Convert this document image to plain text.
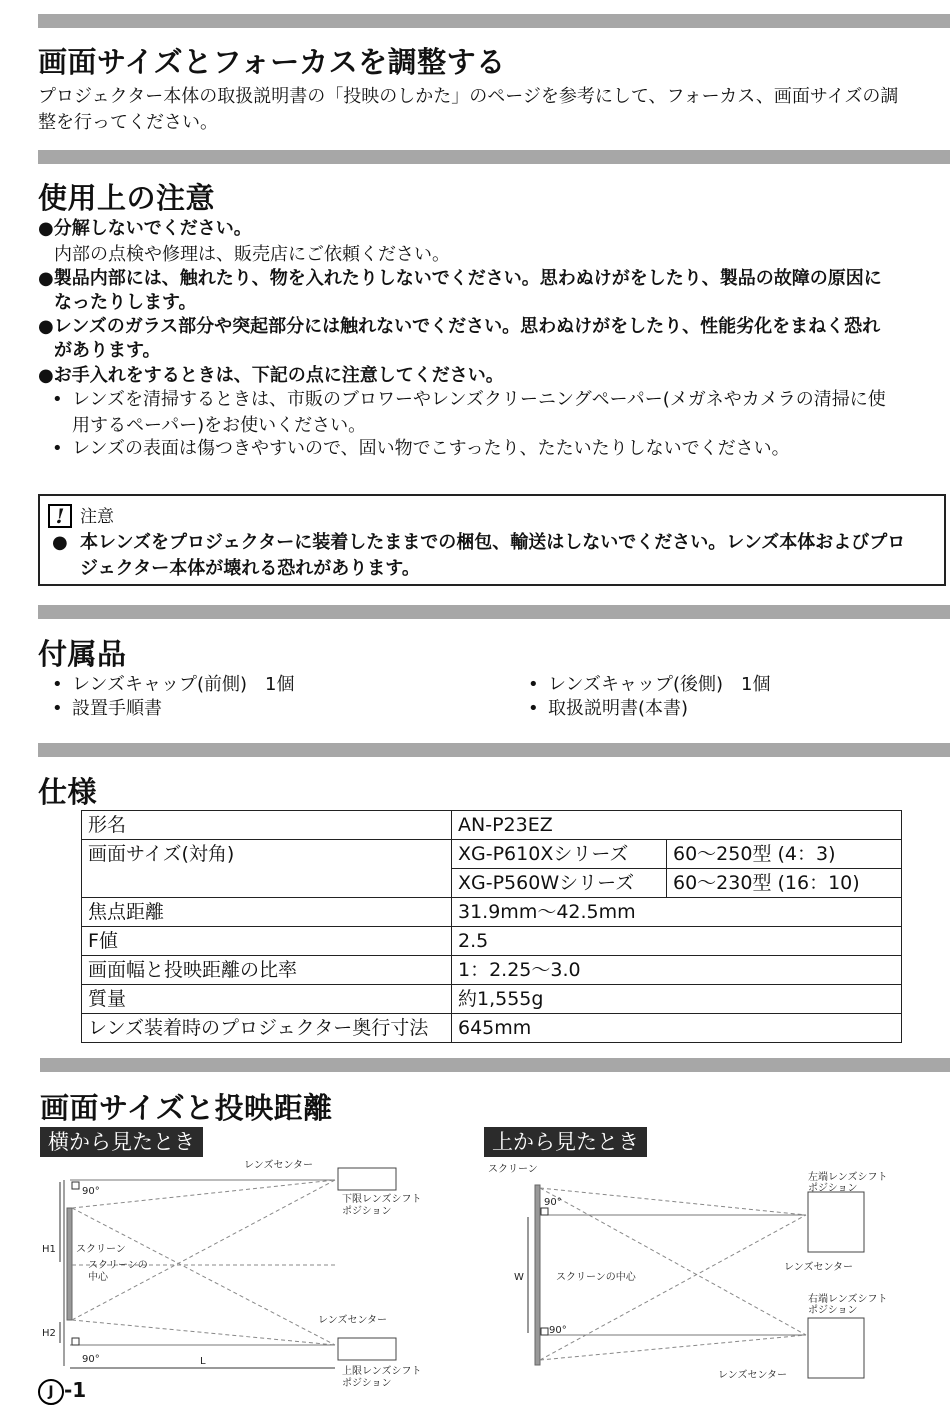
画面サイズとフォーカスを調整する
プロジェクター本体の取扱説明書の「投映のしかた」のページを参考にして、フォーカス、画面サイズの調
整を行ってください。
使用上の注意
●分解しないでください。
内部の点検や修理は、販売店にご依頼ください。
●製品内部には、触れたり、物を入れたりしないでください。思わぬけがをしたり、製品の故障の原因に
なったりします。
●レンズのガラス部分や突起部分には触れないでください。思わぬけがをしたり、性能劣化をまねく恐れ
があります。
●お手入れをするときは、下記の点に注意してください。
• レンズを清掃するときは、市販のブロワーやレンズクリーニングペーパー(メガネやカメラの清掃に使
用するペーパー)をお使いください。
• レンズの表面は傷つきやすいので、固い物でこすったり、たたいたりしないでください。
! 注意
● 本レンズをプロジェクターに装着したままでの梱包、輸送はしないでください。レンズ本体およびプロ
ジェクター本体が壊れる恐れがあります。
付属品
• レンズキャップ(前側)　1個	• レンズキャップ(後側)　1個
• 設置手順書	• 取扱説明書(本書)
仕様
形名	AN-P23EZ	
画面サイズ(対角)	XG-P610Xシリーズ	60〜250型 (4：3)
	XG-P560Wシリーズ	60〜230型 (16：10)
焦点距離	31.9mm〜42.5mm	
F値	2.5	
画面幅と投映距離の比率	1：2.25〜3.0	
質量	約1,555g	
レンズ装着時のプロジェクター奥行寸法	645mm	
画面サイズと投映距離
横から見たとき	上から見たとき
レンズセンター
下限レンズシフト
ポジション
90°
H1 スクリーン
スクリーンの
中心
H2
レンズセンター
90°	L
上限レンズシフト
ポジション
スクリーン
左端レンズシフト
ポジション
90°
レンズセンター
W	スクリーンの中心
右端レンズシフト
ポジション
90°
レンズセンター
J -1
